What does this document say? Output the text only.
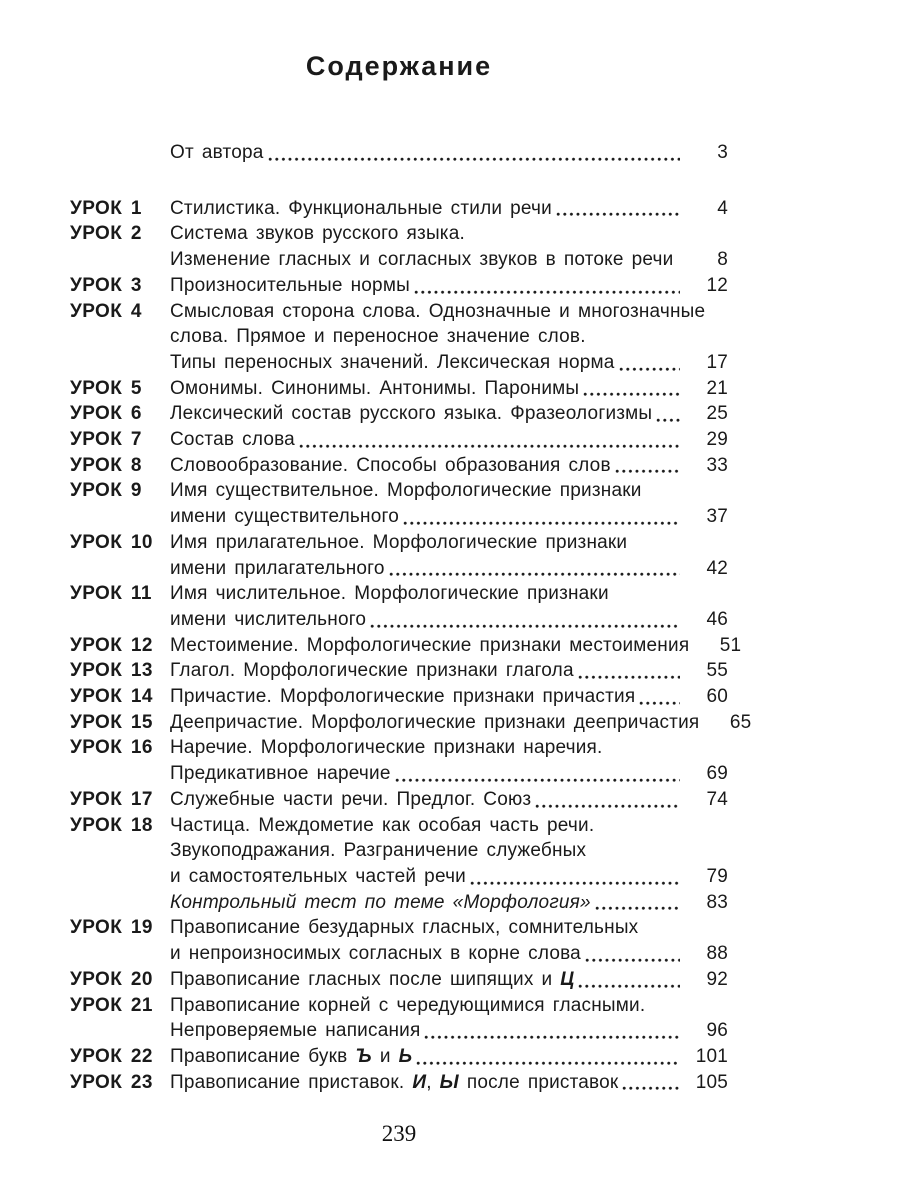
Содержание
От автора	3
УРОК 1	Стилистика. Функциональные стили речи	4
УРОК 2	Система звуков русского языка.
Изменение гласных и согласных звуков в потоке речи	8
УРОК 3	Произносительные нормы	12
УРОК 4	Смысловая сторона слова. Однозначные и многозначные
слова. Прямое и переносное значение слов.
Типы переносных значений. Лексическая норма	17
УРОК 5	Омонимы. Синонимы. Антонимы. Паронимы	21
УРОК 6	Лексический состав русского языка. Фразеологизмы	25
УРОК 7	Состав слова	29
УРОК 8	Словообразование. Способы образования слов	33
УРОК 9	Имя существительное. Морфологические признаки
имени существительного	37
УРОК 10 Имя прилагательное. Морфологические признаки
имени прилагательного	42
УРОК 11 Имя числительное. Морфологические признаки
имени числительного	46
УРОК 12 Местоимение. Морфологические признаки местоимения	51
УРОК 13 Глагол. Морфологические признаки глагола	55
УРОК 14 Причастие. Морфологические признаки причастия	60
УРОК 15 Деепричастие. Морфологические признаки деепричастия	65
УРОК 16 Наречие. Морфологические признаки наречия.
Предикативное наречие	69
УРОК 17 Служебные части речи. Предлог. Союз	74
УРОК 18 Частица. Междометие как особая часть речи.
Звукоподражания. Разграничение служебных
и самостоятельных частей речи	79
Контрольный тест по теме «Морфология»	83
УРОК 19 Правописание безударных гласных, сомнительных
и непроизносимых согласных в корне слова	88
УРОК 20 Правописание гласных после шипящих и Ц	92
УРОК 21 Правописание корней с чередующимися гласными.
Непроверяемые написания	96
УРОК 22 Правописание букв Ъ и Ь	101
УРОК 23 Правописание приставок. И, Ы после приставок	105
239
